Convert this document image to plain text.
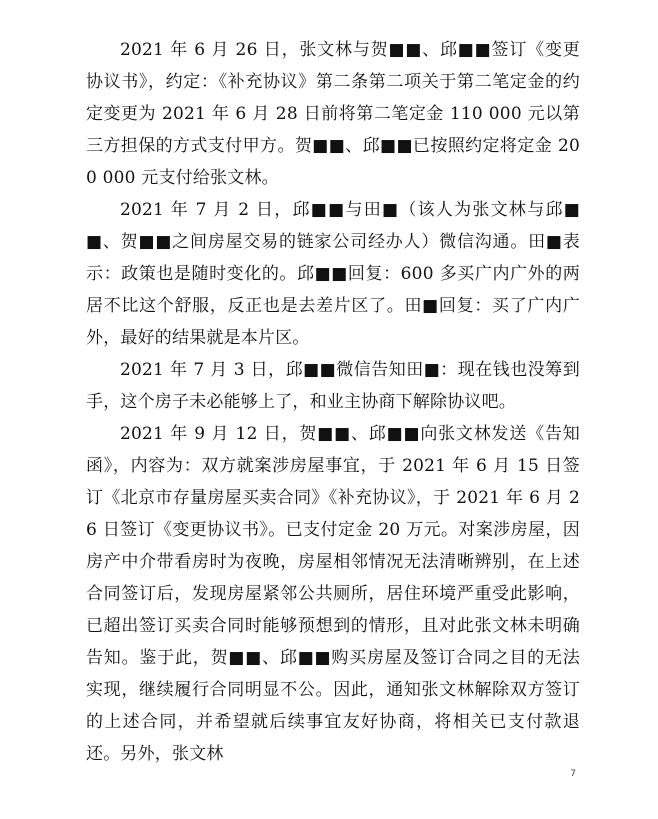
2021 年 6 月 26 日，张文林与贺■■、邱■■签订《变更协议书》，约定：《补充协议》第二条第二项关于第二笔定金的约定变更为 2021 年 6 月 28 日前将第二笔定金 110 000 元以第三方担保的方式支付甲方。贺■■、邱■■已按照约定将定金 200 000 元支付给张文林。

2021 年 7 月 2 日，邱■■与田■（该人为张文林与邱■■、贺■■之间房屋交易的链家公司经办人）微信沟通。田■表示：政策也是随时变化的。邱■■回复：600 多买广内广外的两居不比这个舒服，反正也是去差片区了。田■回复：买了广内广外，最好的结果就是本片区。

2021 年 7 月 3 日，邱■■微信告知田■：现在钱也没筹到手，这个房子未必能够上了，和业主协商下解除协议吧。

2021 年 9 月 12 日，贺■■、邱■■向张文林发送《告知函》，内容为：双方就案涉房屋事宜，于 2021 年 6 月 15 日签订《北京市存量房屋买卖合同》《补充协议》，于 2021 年 6 月 26 日签订《变更协议书》。已支付定金 20 万元。对案涉房屋，因房产中介带看房时为夜晚，房屋相邻情况无法清晰辨别，在上述合同签订后，发现房屋紧邻公共厕所，居住环境严重受此影响，已超出签订买卖合同时能够预想到的情形，且对此张文林未明确告知。鉴于此，贺■■、邱■■购买房屋及签订合同之目的无法实现，继续履行合同明显不公。因此，通知张文林解除双方签订的上述合同，并希望就后续事宜友好协商，将相关已支付款退还。另外，张文林

7
